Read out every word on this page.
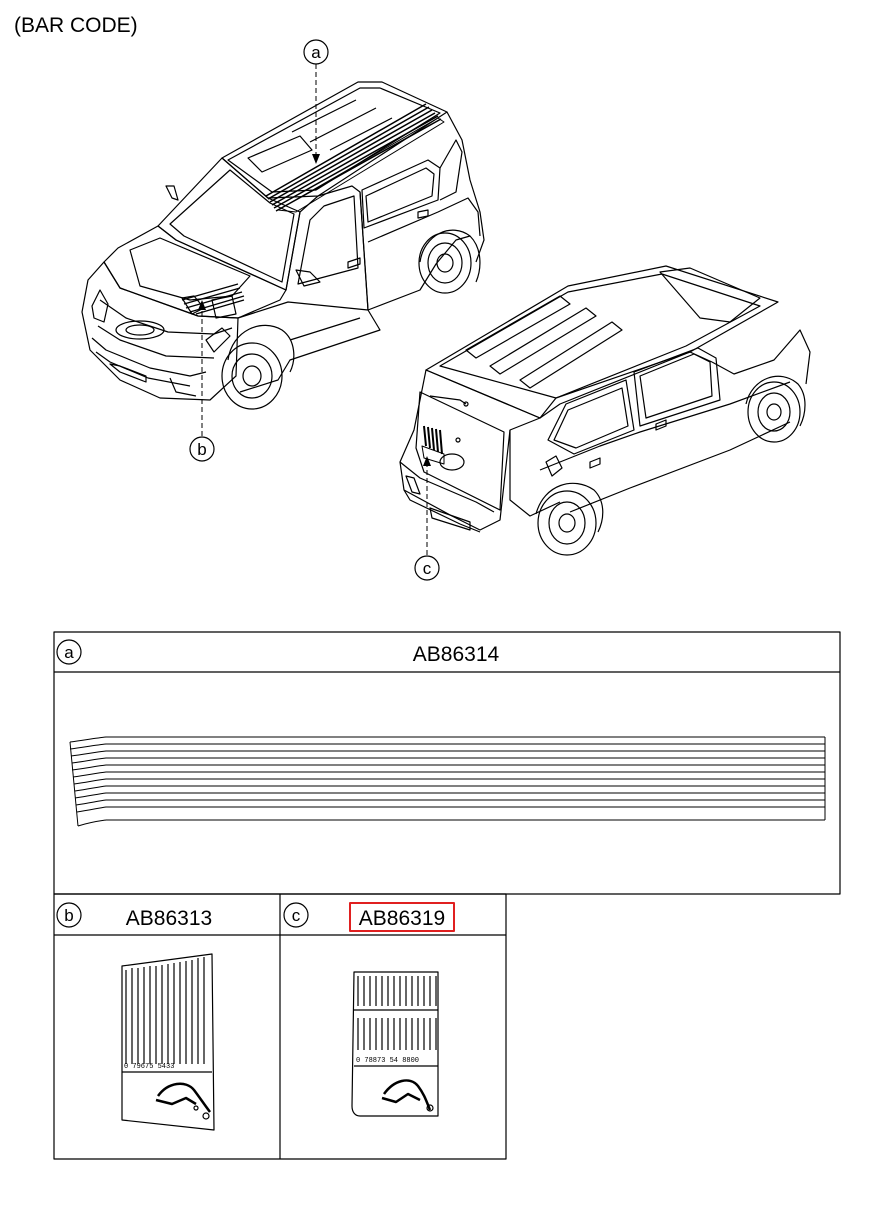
(BAR CODE)
a
b
c
a
b	c
AB86314
AB86313	AB86319
0 79675 5433
0 78873 54 8800
